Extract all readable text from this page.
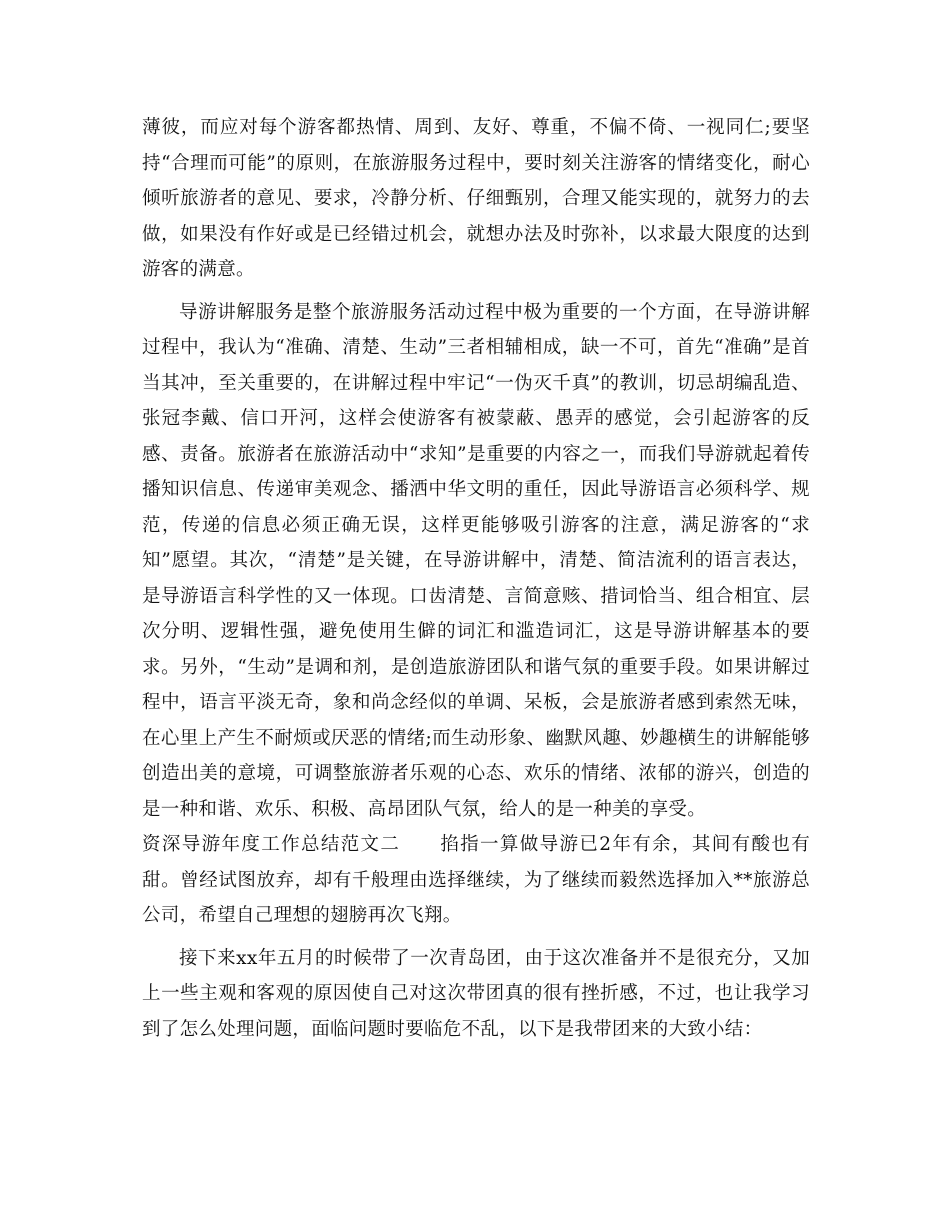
薄彼，而应对每个游客都热情、周到、友好、尊重，不偏不倚、一视同仁;要坚持“合理而可能”的原则，在旅游服务过程中，要时刻关注游客的情绪变化，耐心倾听旅游者的意见、要求，冷静分析、仔细甄别，合理又能实现的，就努力的去做，如果没有作好或是已经错过机会，就想办法及时弥补，以求最大限度的达到游客的满意。

导游讲解服务是整个旅游服务活动过程中极为重要的一个方面，在导游讲解过程中，我认为“准确、清楚、生动”三者相辅相成，缺一不可，首先“准确”是首当其冲，至关重要的，在讲解过程中牢记“一伪灭千真”的教训，切忌胡编乱造、张冠李戴、信口开河，这样会使游客有被蒙蔽、愚弄的感觉，会引起游客的反感、责备。旅游者在旅游活动中“求知”是重要的内容之一，而我们导游就起着传播知识信息、传递审美观念、播洒中华文明的重任，因此导游语言必须科学、规范，传递的信息必须正确无误，这样更能够吸引游客的注意，满足游客的“求知”愿望。其次，“清楚”是关键，在导游讲解中，清楚、简洁流利的语言表达，是导游语言科学性的又一体现。口齿清楚、言简意赅、措词恰当、组合相宜、层次分明、逻辑性强，避免使用生僻的词汇和滥造词汇，这是导游讲解基本的要求。另外，“生动”是调和剂，是创造旅游团队和谐气氛的重要手段。如果讲解过程中，语言平淡无奇，象和尚念经似的单调、呆板，会是旅游者感到索然无味，在心里上产生不耐烦或厌恶的情绪;而生动形象、幽默风趣、妙趣横生的讲解能够创造出美的意境，可调整旅游者乐观的心态、欢乐的情绪、浓郁的游兴，创造的是一种和谐、欢乐、积极、高昂团队气氛，给人的是一种美的享受。

资深导游年度工作总结范文二 掐指一算做导游已2年有余，其间有酸也有甜。曾经试图放弃，却有千般理由选择继续，为了继续而毅然选择加入**旅游总公司，希望自己理想的翅膀再次飞翔。

接下来xx年五月的时候带了一次青岛团，由于这次准备并不是很充分，又加上一些主观和客观的原因使自己对这次带团真的很有挫折感，不过，也让我学习到了怎么处理问题，面临问题时要临危不乱，以下是我带团来的大致小结：
